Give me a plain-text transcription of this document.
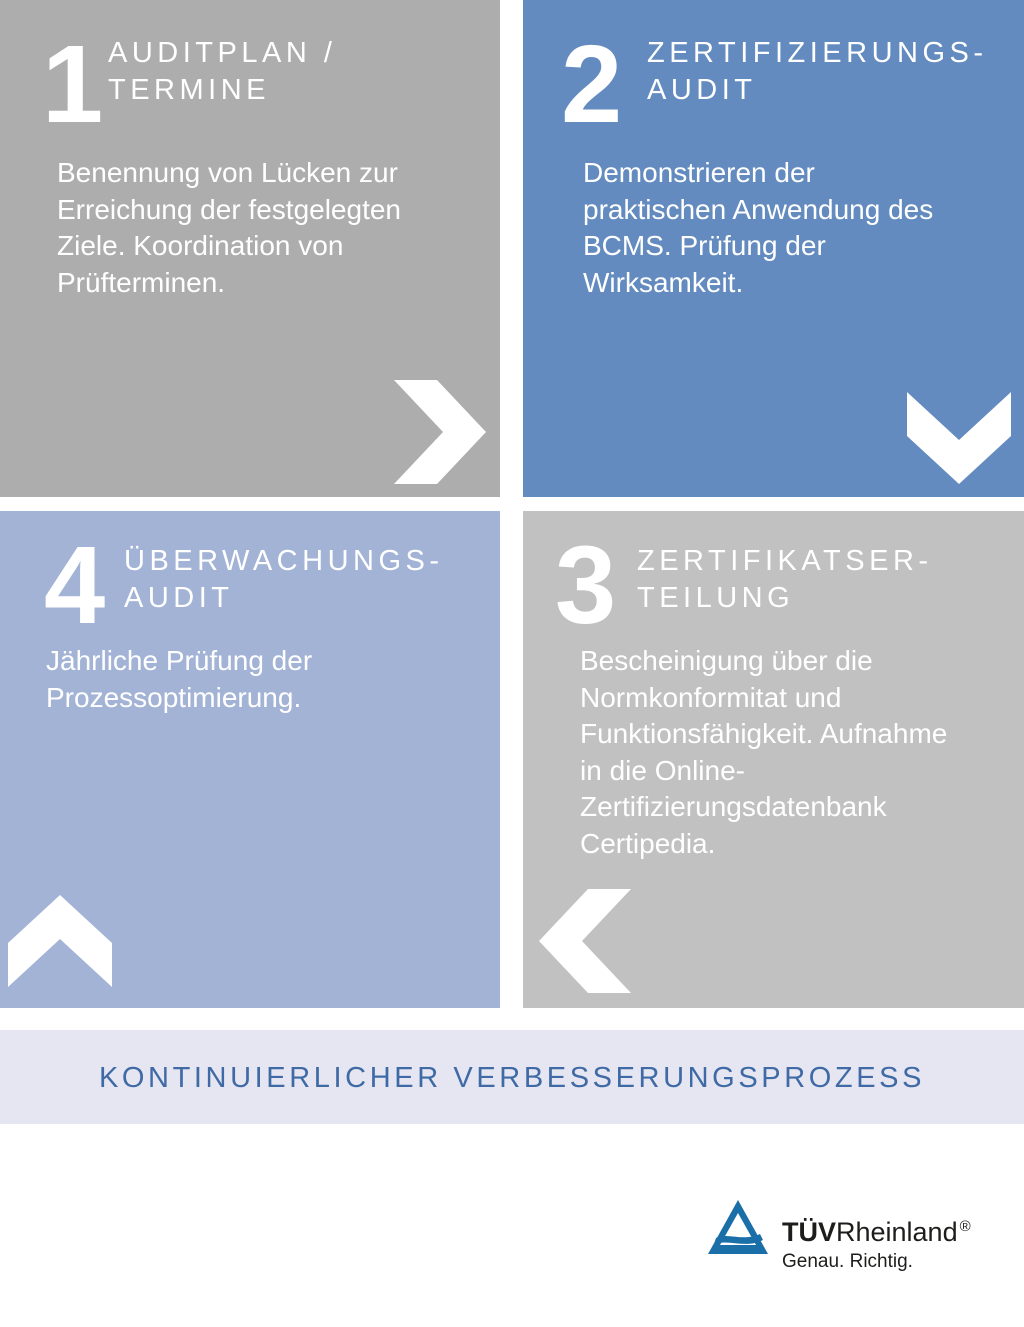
1 AUDITPLAN /
TERMINE
Benennung von Lücken zur
Erreichung der festgelegten
Ziele. Koordination von
Prüfterminen.
2 ZERTIFIZIERUNGS-
AUDIT
Demonstrieren der
praktischen Anwendung des
BCMS. Prüfung der
Wirksamkeit.
4 ÜBERWACHUNGS-
AUDIT
Jährliche Prüfung der
Prozessoptimierung.
3 ZERTIFIKATSER-
TEILUNG
Bescheinigung über die
Normkonformitat und
Funktionsfähigkeit. Aufnahme
in die Online-
Zertifizierungsdatenbank
Certipedia.
KONTINUIERLICHER VERBESSERUNGSPROZESS
TÜVRheinland ®
Genau. Richtig.
